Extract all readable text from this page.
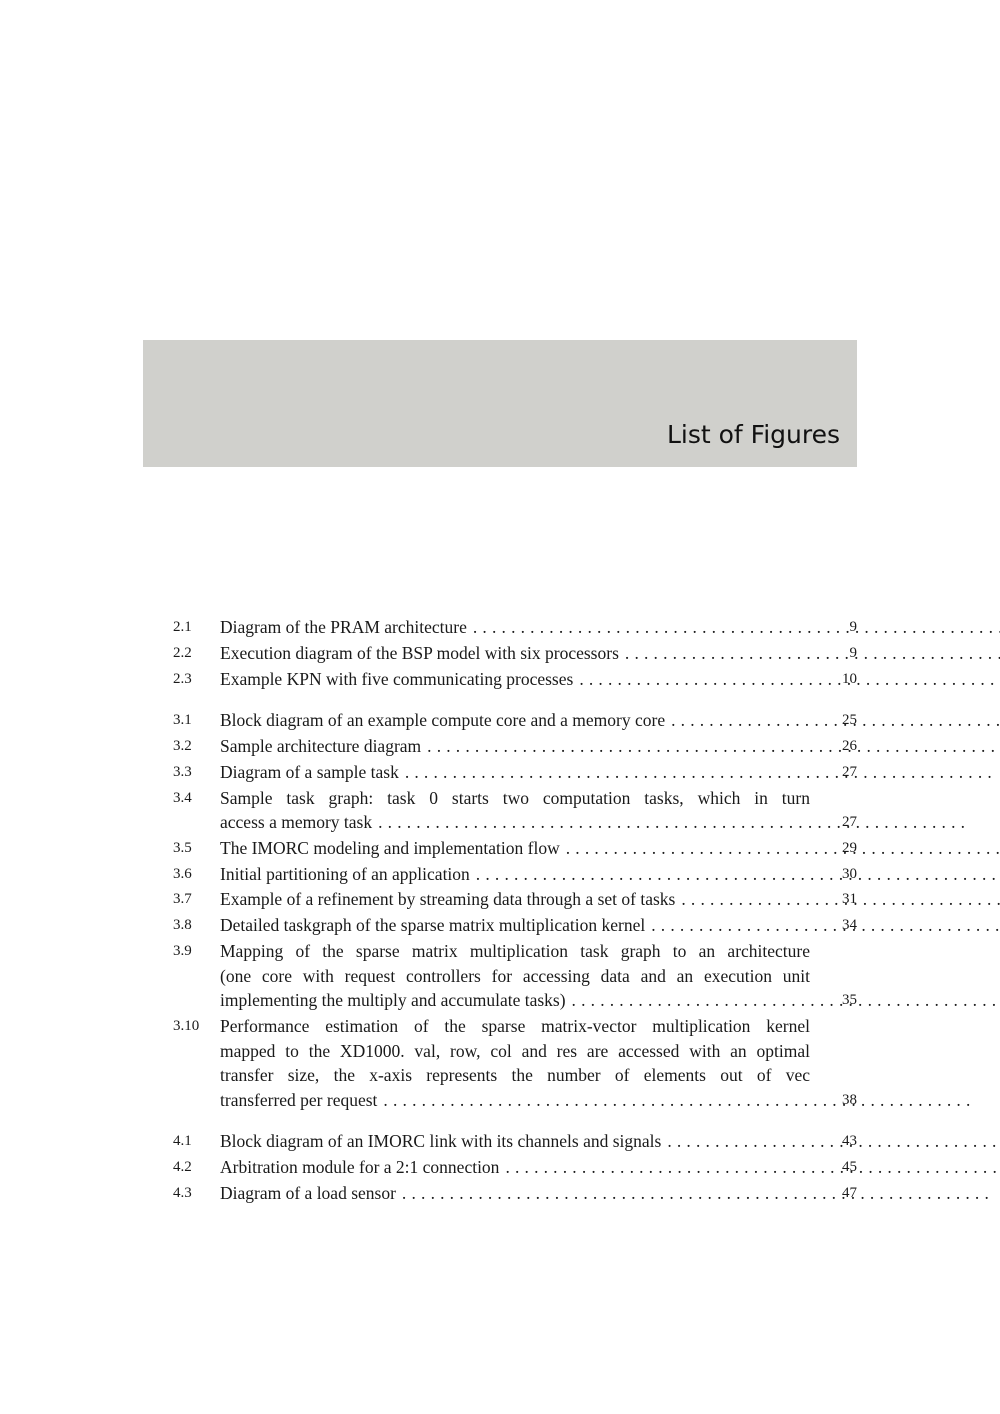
List of Figures
2.1 Diagram of the PRAM architecture . . .	9
2.2 Execution diagram of the BSP model with six processors . . .	9
2.3 Example KPN with five communicating processes . . .	10
3.1 Block diagram of an example compute core and a memory core . . .	25
3.2 Sample architecture diagram . . .	26
3.3 Diagram of a sample task . . .	27
3.4 Sample task graph: task 0 starts two computation tasks, which in turn
access a memory task . . .	27
3.5 The IMORC modeling and implementation flow . . .	29
3.6 Initial partitioning of an application . . .	30
3.7 Example of a refinement by streaming data through a set of tasks . . .	31
3.8 Detailed taskgraph of the sparse matrix multiplication kernel . . .	34
3.9 Mapping of the sparse matrix multiplication task graph to an architecture
(one core with request controllers for accessing data and an execution unit
implementing the multiply and accumulate tasks) . . .	35
3.10 Performance estimation of the sparse matrix-vector multiplication kernel
mapped to the XD1000. val, row, col and res are accessed with an optimal
transfer size, the x-axis represents the number of elements out of vec
transferred per request . . .	38
4.1 Block diagram of an IMORC link with its channels and signals . . .	43
4.2 Arbitration module for a 2:1 connection . . .	45
4.3 Diagram of a load sensor . . .	47
